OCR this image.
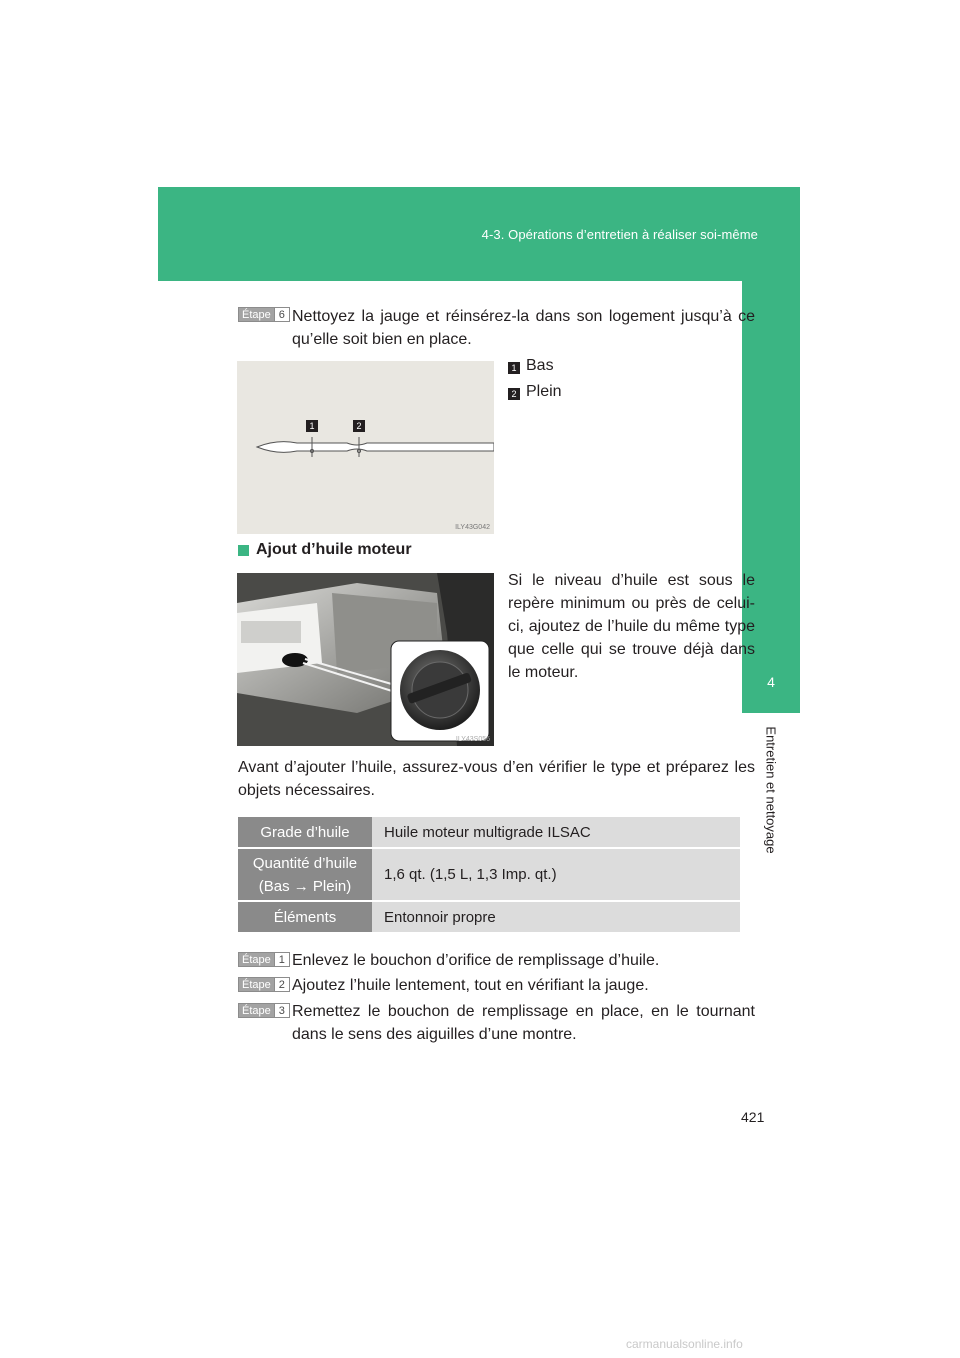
4-3. Opérations d’entretien à réaliser soi-même
4
Entretien et nettoyage
Étape 6 Nettoyez la jauge et réinsérez-la dans son logement jusqu’à ce qu’elle soit bien en place.
1	2
ILY43G042
1 Bas
2 Plein
Ajout d’huile moteur
ILY43S056
Si le niveau d’huile est sous le repère minimum ou près de celui-ci, ajoutez de l’huile du même type que celle qui se trouve déjà dans le moteur.
Avant d’ajouter l’huile, assurez-vous d’en vérifier le type et préparez les objets nécessaires.
Grade d’huile	Huile moteur multigrade ILSAC

Quantité d’huile
(Bas → Plein)	1,6 qt. (1,5 L, 1,3 Imp. qt.)

Éléments	Entonnoir propre
Étape 1 Enlevez le bouchon d’orifice de remplissage d’huile.
Étape 2 Ajoutez l’huile lentement, tout en vérifiant la jauge.
Étape 3 Remettez le bouchon de remplissage en place, en le tournant dans le sens des aiguilles d’une montre.
421
carmanualsonline.info
